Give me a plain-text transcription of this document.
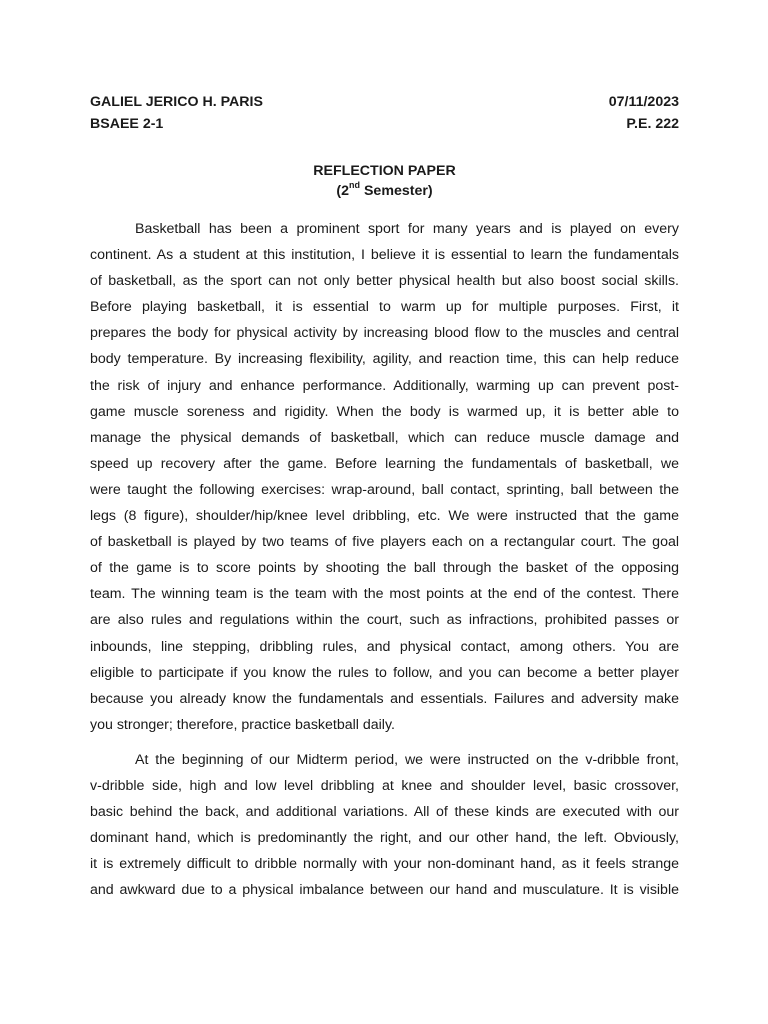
GALIEL JERICO H. PARIS	07/11/2023
BSAEE 2-1	P.E. 222
REFLECTION PAPER
(2nd Semester)
Basketball has been a prominent sport for many years and is played on every
continent. As a student at this institution, I believe it is essential to learn the fundamentals
of basketball, as the sport can not only better physical health but also boost social skills.
Before playing basketball, it is essential to warm up for multiple purposes. First, it
prepares the body for physical activity by increasing blood flow to the muscles and central
body temperature. By increasing flexibility, agility, and reaction time, this can help reduce
the risk of injury and enhance performance. Additionally, warming up can prevent post-
game muscle soreness and rigidity. When the body is warmed up, it is better able to
manage the physical demands of basketball, which can reduce muscle damage and
speed up recovery after the game. Before learning the fundamentals of basketball, we
were taught the following exercises: wrap-around, ball contact, sprinting, ball between the
legs (8 figure), shoulder/hip/knee level dribbling, etc. We were instructed that the game
of basketball is played by two teams of five players each on a rectangular court. The goal
of the game is to score points by shooting the ball through the basket of the opposing
team. The winning team is the team with the most points at the end of the contest. There
are also rules and regulations within the court, such as infractions, prohibited passes or
inbounds, line stepping, dribbling rules, and physical contact, among others. You are
eligible to participate if you know the rules to follow, and you can become a better player
because you already know the fundamentals and essentials. Failures and adversity make
you stronger; therefore, practice basketball daily.
At the beginning of our Midterm period, we were instructed on the v-dribble front,
v-dribble side, high and low level dribbling at knee and shoulder level, basic crossover,
basic behind the back, and additional variations. All of these kinds are executed with our
dominant hand, which is predominantly the right, and our other hand, the left. Obviously,
it is extremely difficult to dribble normally with your non-dominant hand, as it feels strange
and awkward due to a physical imbalance between our hand and musculature. It is visible
